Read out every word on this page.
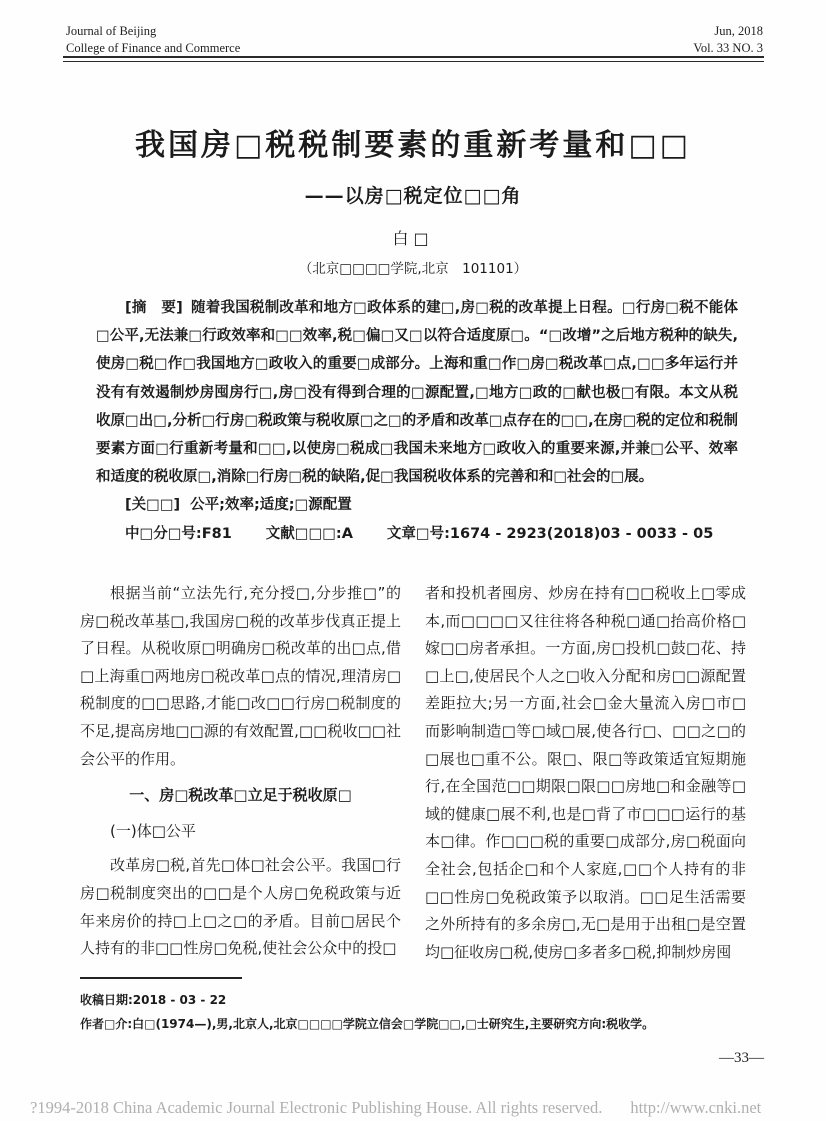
Journal of Beijing
College of Finance and Commerce
Jun, 2018
Vol. 33 NO. 3
我国房□税税制要素的重新考量和□□
——以房□税定位□□角
白□
（北京□□□□学院,北京　101101）

[摘　要] 随着我国税制改革和地方□政体系的建□,房□税的改革提上日程。□行房□税不能体□公平,无法兼□行政效率和□□效率,税□偏□又□以符合适度原□。“□改增”之后地方税种的缺失,使房□税□作□我国地方□政收入的重要□成部分。上海和重□作□房□税改革□点,□□多年运行并没有有效遏制炒房囤房行□,房□没有得到合理的□源配置,□地方□政的□献也极□有限。本文从税收原□出□,分析□行房□税政策与税收原□之□的矛盾和改革□点存在的□□,在房□税的定位和税制要素方面□行重新考量和□□,以使房□税成□我国未来地方□政收入的重要来源,并兼□公平、效率和适度的税收原□,消除□行房□税的缺陷,促□我国税收体系的完善和和□社会的□展。

[关□□] 公平;效率;适度;□源配置

中□分□号:F81 文献□□□:A 文章□号:1674 - 2923(2018)03 - 0033 - 05

根据当前“立法先行,充分授□,分步推□”的房□税改革基□,我国房□税的改革步伐真正提上了日程。从税收原□明确房□税改革的出□点,借□上海重□两地房□税改革□点的情况,理清房□税制度的□□思路,才能□改□□行房□税制度的不足,提高房地□□源的有效配置,□□税收□□社会公平的作用。

一、房□税改革□立足于税收原□
(一)体□公平

改革房□税,首先□体□社会公平。我国□行房□税制度突出的□□是个人房□免税政策与近年来房价的持□上□之□的矛盾。目前□居民个人持有的非□□性房□免税,使社会公众中的投□

者和投机者囤房、炒房在持有□□税收上□零成本,而□□□□又往往将各种税□通□抬高价格□嫁□□房者承担。一方面,房□投机□鼓□花、持□上□,使居民个人之□收入分配和房□□源配置差距拉大;另一方面,社会□金大量流入房□市□而影响制造□等□域□展,使各行□、□□之□的□展也□重不公。限□、限□等政策适宜短期施行,在全国范□□期限□限□□房地□和金融等□域的健康□展不利,也是□背了市□□□运行的基本□律。作□□□税的重要□成部分,房□税面向全社会,包括企□和个人家庭,□□个人持有的非□□性房□免税政策予以取消。□□足生活需要之外所持有的多余房□,无□是用于出租□是空置均□征收房□税,使房□多者多□税,抑制炒房囤

收稿日期:2018 - 03 - 22
作者□介:白□(1974—),男,北京人,北京□□□□学院立信会□学院□□,□士研究生,主要研究方向:税收学。
—33—
?1994-2018 China Academic Journal Electronic Publishing House. All rights reserved. http://www.cnki.net
